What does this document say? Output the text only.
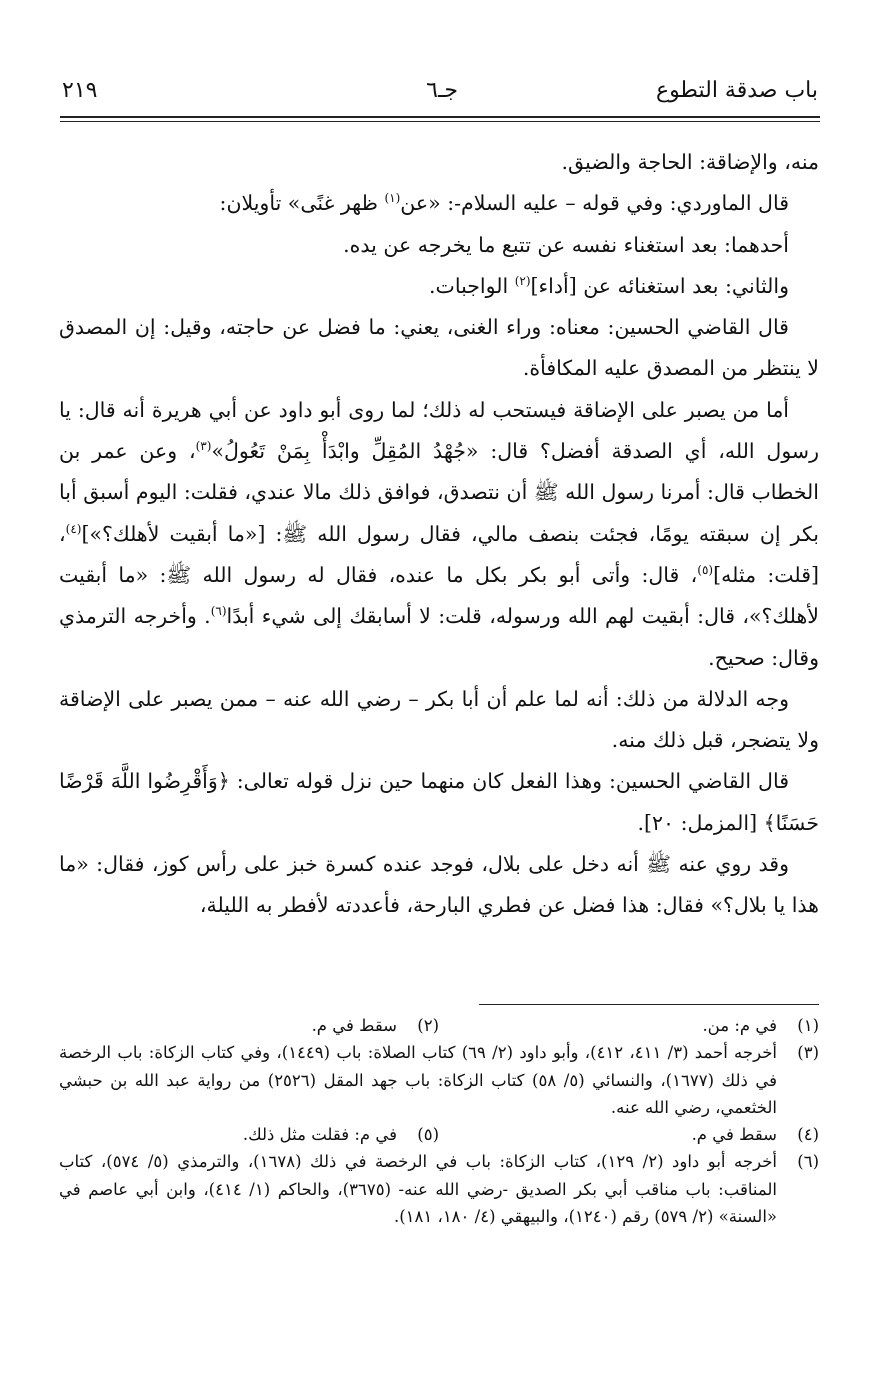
باب صدقة التطوع
جـ٦
٢١٩

منه، والإضاقة: الحاجة والضيق.

قال الماوردي: وفي قوله – عليه السلام-: «عن$^{(١)}$ ظهر غنًى» تأويلان:

أحدهما: بعد استغناء نفسه عن تتبع ما يخرجه عن يده.

والثاني: بعد استغنائه عن [أداء]$^{(٢)}$ الواجبات.

قال القاضي الحسين: معناه: وراء الغنى، يعني: ما فضل عن حاجته، وقيل: إن المصدق لا ينتظر من المصدق عليه المكافأة.

أما من يصبر على الإضاقة فيستحب له ذلك؛ لما روى أبو داود عن أبي هريرة أنه قال: يا رسول الله، أي الصدقة أفضل؟ قال: «جُهْدُ المُقِلِّ وابْدَأْ بِمَنْ تَعُولُ»$^{(٣)}$، وعن عمر بن الخطاب قال: أمرنا رسول الله ﷺ أن نتصدق، فوافق ذلك مالا عندي، فقلت: اليوم أسبق أبا بكر إن سبقته يومًا، فجئت بنصف مالي، فقال رسول الله ﷺ: [«ما أبقيت لأهلك؟»]$^{(٤)}$، [قلت: مثله]$^{(٥)}$، قال: وأتى أبو بكر بكل ما عنده، فقال له رسول الله ﷺ: «ما أبقيت لأهلك؟»، قال: أبقيت لهم الله ورسوله، قلت: لا أسابقك إلى شيء أبدًا$^{(٦)}$. وأخرجه الترمذي وقال: صحيح.

وجه الدلالة من ذلك: أنه لما علم أن أبا بكر – رضي الله عنه – ممن يصبر على الإضاقة ولا يتضجر، قبل ذلك منه.

قال القاضي الحسين: وهذا الفعل كان منهما حين نزل قوله تعالى: ﴿وَأَقْرِضُوا اللَّهَ قَرْضًا حَسَنًا﴾ [المزمل: ٢٠].

وقد روي عنه ﷺ أنه دخل على بلال، فوجد عنده كسرة خبز على رأس كوز، فقال: «ما هذا يا بلال؟» فقال: هذا فضل عن فطري البارحة، فأعددته لأفطر به الليلة،

(١)
في م: من.
(٢)
سقط في م.
(٣)
أخرجه أحمد (٣/ ٤١١، ٤١٢)، وأبو داود (٢/ ٦٩) كتاب الصلاة: باب (١٤٤٩)، وفي كتاب الزكاة: باب الرخصة في ذلك (١٦٧٧)، والنسائي (٥/ ٥٨) كتاب الزكاة: باب جهد المقل (٢٥٢٦) من رواية عبد الله بن حبشي الخثعمي، رضي الله عنه.
(٤)
سقط في م.
(٥)
في م: فقلت مثل ذلك.
(٦)
أخرجه أبو داود (٢/ ١٢٩)، كتاب الزكاة: باب في الرخصة في ذلك (١٦٧٨)، والترمذي (٥/ ٥٧٤)، كتاب المناقب: باب مناقب أبي بكر الصديق -رضي الله عنه- (٣٦٧٥)، والحاكم (١/ ٤١٤)، وابن أبي عاصم في «السنة» (٢/ ٥٧٩) رقم (١٢٤٠)، والبيهقي (٤/ ١٨٠، ١٨١).
